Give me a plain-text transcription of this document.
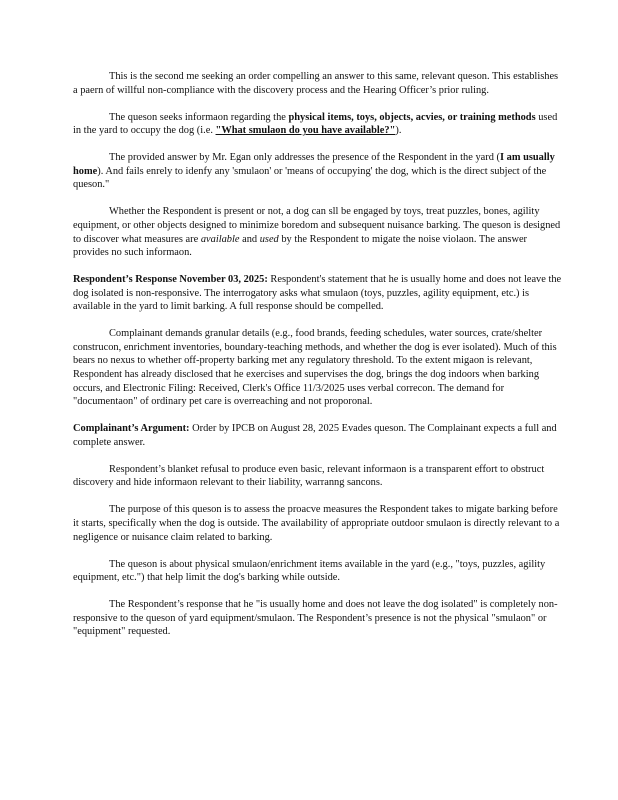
This is the second me seeking an order compelling an answer to this same, relevant queson. This establishes a paern of willful non-compliance with the discovery process and the Hearing Officer’s prior ruling.

The queson seeks informaon regarding the physical items, toys, objects, acvies, or training methods used in the yard to occupy the dog (i.e. "What smulaon do you have available?").

The provided answer by Mr. Egan only addresses the presence of the Respondent in the yard (I am usually home). And fails enrely to idenfy any 'smulaon' or 'means of occupying' the dog, which is the direct subject of the queson."

Whether the Respondent is present or not, a dog can sll be engaged by toys, treat puzzles, bones, agility equipment, or other objects designed to minimize boredom and subsequent nuisance barking. The queson is designed to discover what measures are available and used by the Respondent to migate the noise violaon. The answer provides no such informaon.

Respondent’s Response November 03, 2025: Respondent's statement that he is usually home and does not leave the dog isolated is non-responsive. The interrogatory asks what smulaon (toys, puzzles, agility equipment, etc.) is available in the yard to limit barking. A full response should be compelled.

Complainant demands granular details (e.g., food brands, feeding schedules, water sources, crate/shelter construcon, enrichment inventories, boundary-teaching methods, and whether the dog is ever isolated). Much of this bears no nexus to whether off-property barking met any regulatory threshold. To the extent migaon is relevant, Respondent has already disclosed that he exercises and supervises the dog, brings the dog indoors when barking occurs, and Electronic Filing: Received, Clerk's Office 11/3/2025 uses verbal correcon. The demand for "documentaon" of ordinary pet care is overreaching and not proporonal.

Complainant’s Argument: Order by IPCB on August 28, 2025 Evades queson. The Complainant expects a full and complete answer.

Respondent’s blanket refusal to produce even basic, relevant informaon is a transparent effort to obstruct discovery and hide informaon relevant to their liability, warranng sancons.

The purpose of this queson is to assess the proacve measures the Respondent takes to migate barking before it starts, specifically when the dog is outside. The availability of appropriate outdoor smulaon is directly relevant to a negligence or nuisance claim related to barking.

The queson is about physical smulaon/enrichment items available in the yard (e.g., "toys, puzzles, agility equipment, etc.") that help limit the dog's barking while outside.

The Respondent’s response that he "is usually home and does not leave the dog isolated" is completely non-responsive to the queson of yard equipment/smulaon. The Respondent’s presence is not the physical "smulaon" or "equipment" requested.
